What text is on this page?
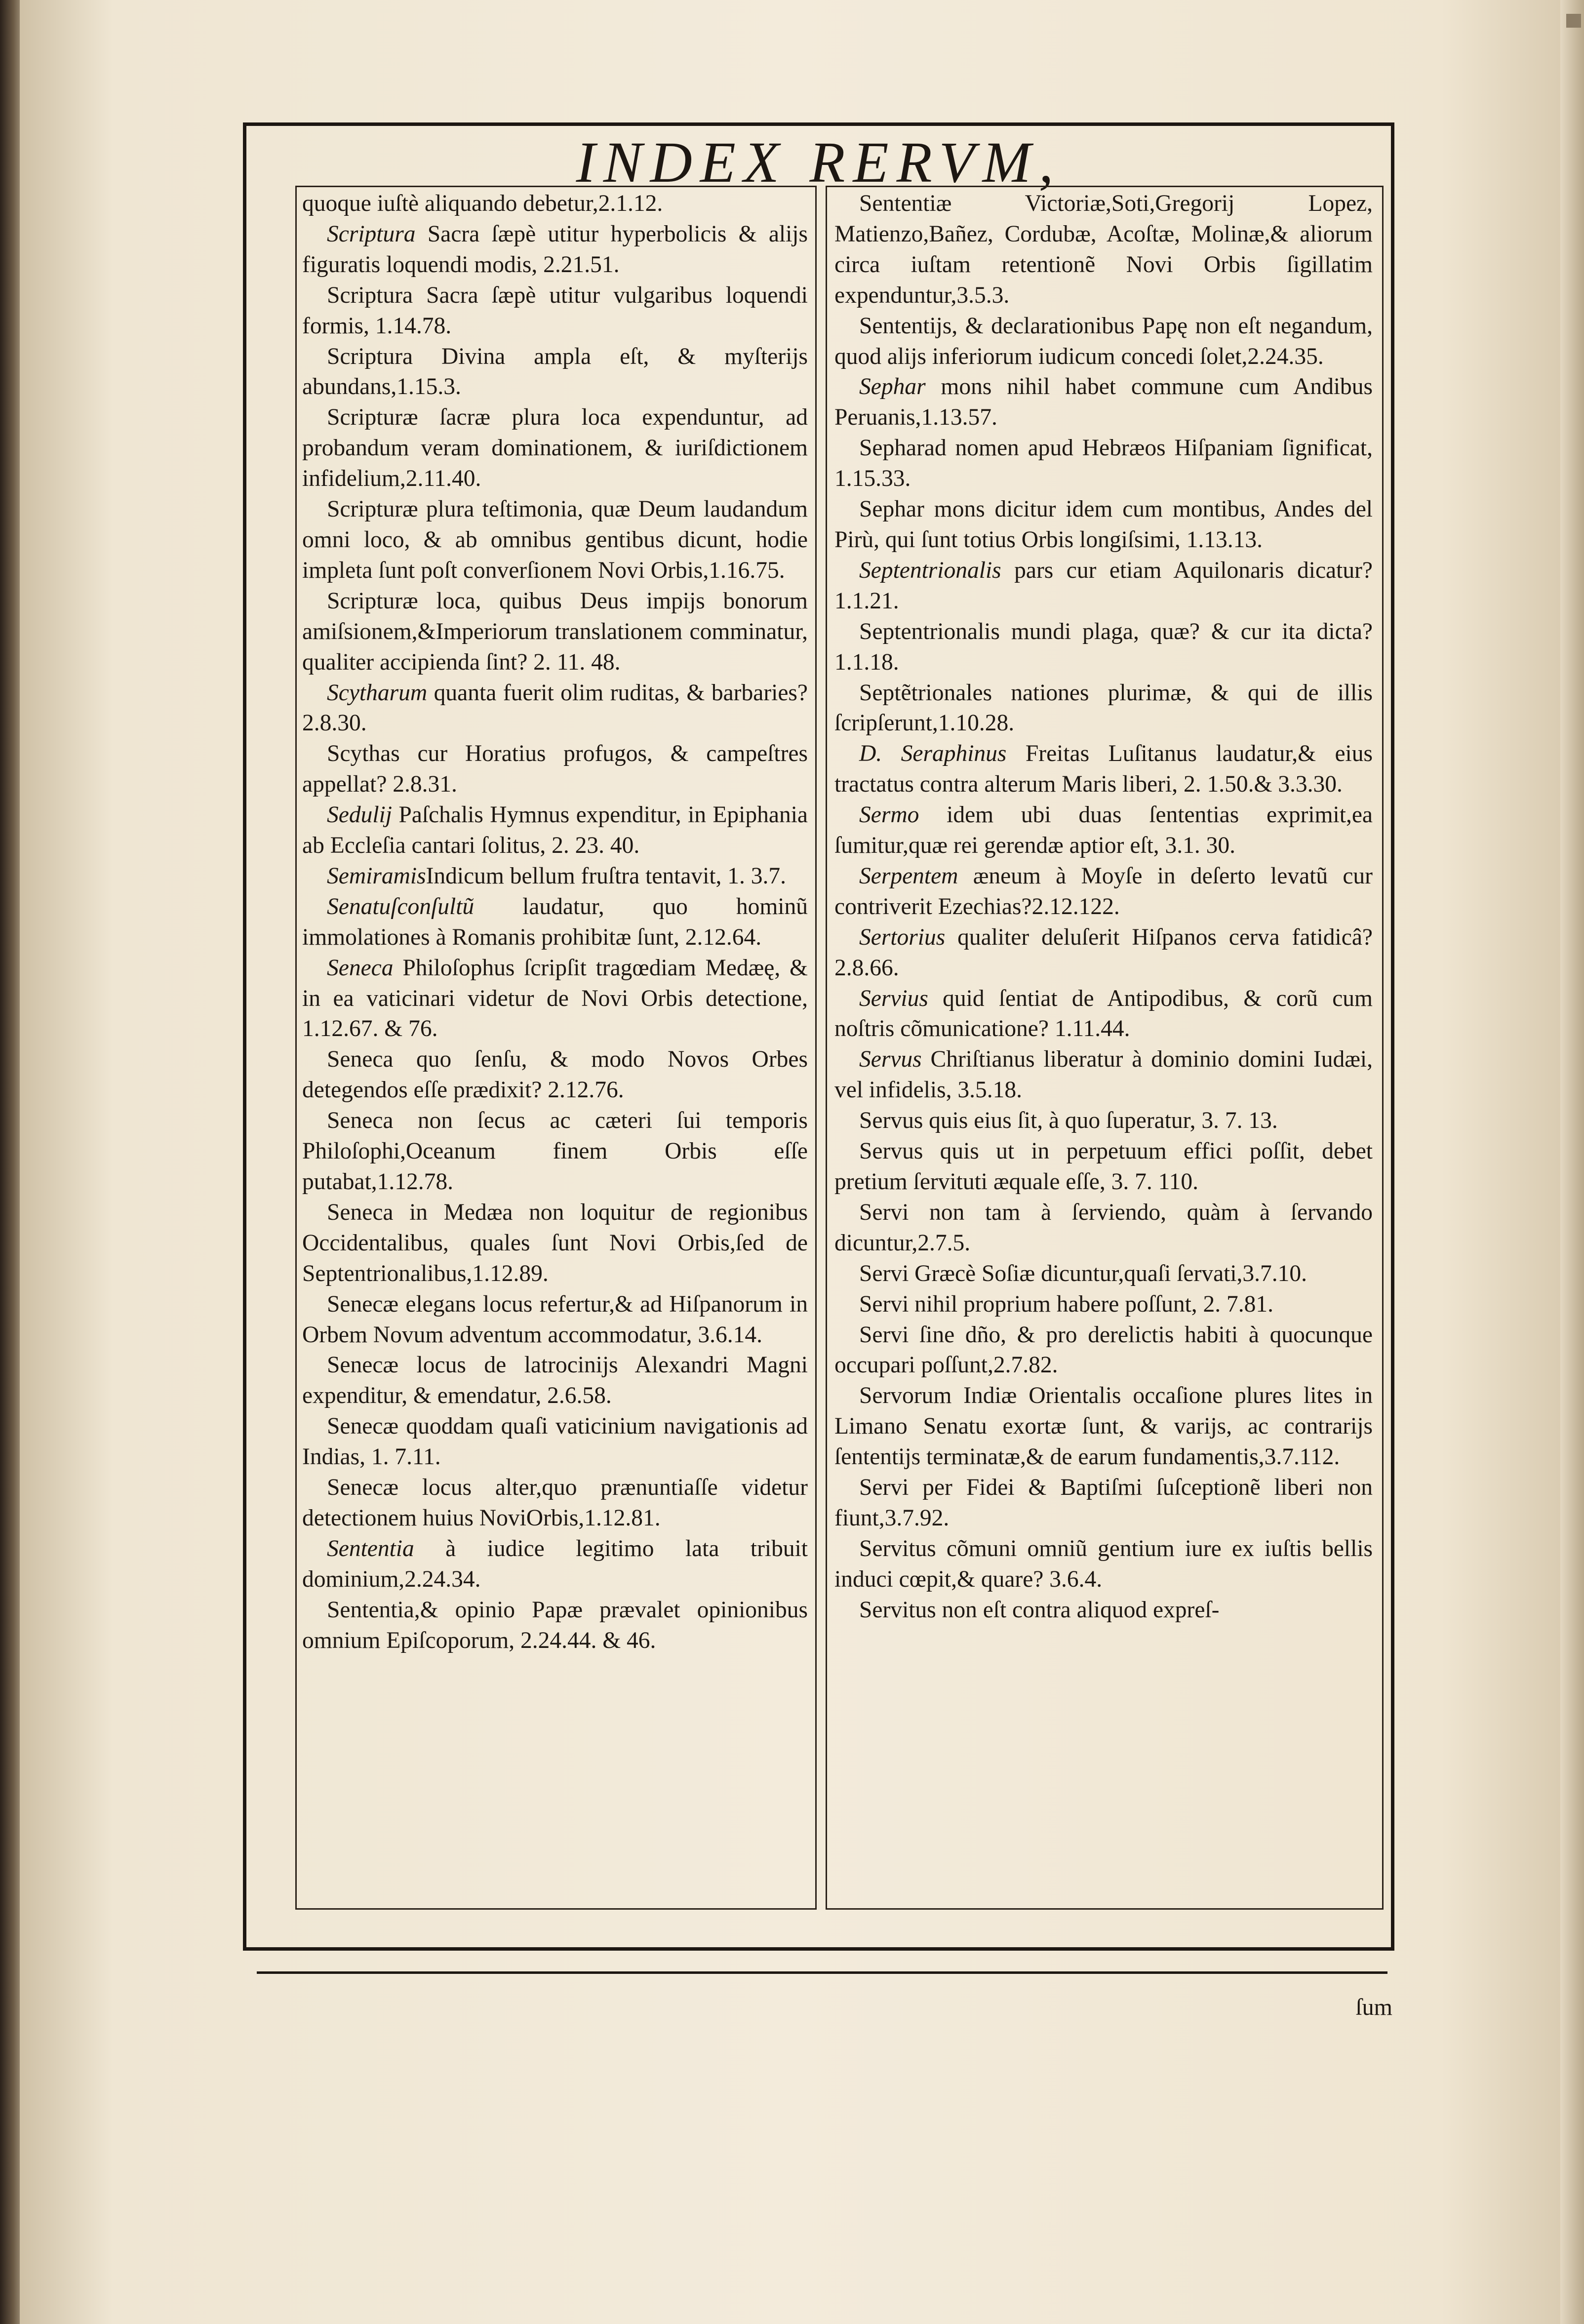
INDEX RERVM,

quoque iuſtè aliquando debetur,2.1.12.

Scriptura Sacra ſæpè utitur hyperbolicis & alijs figuratis loquendi modis, 2.21.51.

Scriptura Sacra ſæpè utitur vulgaribus loquendi formis, 1.14.78.

Scriptura Divina ampla eſt, & myſterijs abundans,1.15.3.

Scripturæ ſacræ plura loca expenduntur, ad probandum veram dominationem, & iuriſdictionem infidelium,2.11.40.

Scripturæ plura teſtimonia, quæ Deum laudandum omni loco, & ab omnibus gentibus dicunt, hodie impleta ſunt poſt converſionem Novi Orbis,1.16.75.

Scripturæ loca, quibus Deus impijs bonorum amiſsionem,&Imperiorum translationem comminatur, qualiter accipienda ſint? 2. 11. 48.

Scytharum quanta fuerit olim ruditas, & barbaries?2.8.30.

Scythas cur Horatius profugos, & campeſtres appellat? 2.8.31.

Sedulij Paſchalis Hymnus expenditur, in Epiphania ab Eccleſia cantari ſolitus, 2. 23. 40.

SemiramisIndicum bellum fruſtra tentavit, 1. 3.7.

Senatuſconſultũ laudatur, quo hominũ immolationes à Romanis prohibitæ ſunt, 2.12.64.

Seneca Philoſophus ſcripſit tragœdiam Medæę, & in ea vaticinari videtur de Novi Orbis detectione, 1.12.67. & 76.

Seneca quo ſenſu, & modo Novos Orbes detegendos eſſe prædixit? 2.12.76.

Seneca non ſecus ac cæteri ſui temporis Philoſophi,Oceanum finem Orbis eſſe putabat,1.12.78.

Seneca in Medæa non loquitur de regionibus Occidentalibus, quales ſunt Novi Orbis,ſed de Septentrionalibus,1.12.89.

Senecæ elegans locus refertur,& ad Hiſpanorum in Orbem Novum adventum accommodatur, 3.6.14.

Senecæ locus de latrocinijs Alexandri Magni expenditur, & emendatur, 2.6.58.

Senecæ quoddam quaſi vaticinium navigationis ad Indias, 1. 7.11.

Senecæ locus alter,quo prænuntiaſſe videtur detectionem huius NoviOrbis,1.12.81.

Sententia à iudice legitimo lata tribuit dominium,2.24.34.

Sententia,& opinio Papæ prævalet opinionibus omnium Epiſcoporum, 2.24.44. & 46.

Sententiæ Victoriæ,Soti,Gregorij Lopez, Matienzo,Bañez, Cordubæ, Acoſtæ, Molinæ,& aliorum circa iuſtam retentionẽ Novi Orbis ſigillatim expenduntur,3.5.3.

Sententijs, & declarationibus Papę non eſt negandum, quod alijs inferiorum iudicum concedi ſolet,2.24.35.

Sephar mons nihil habet commune cum Andibus Peruanis,1.13.57.

Sepharad nomen apud Hebræos Hiſpaniam ſignificat, 1.15.33.

Sephar mons dicitur idem cum montibus, Andes del Pirù, qui ſunt totius Orbis longiſsimi, 1.13.13.

Septentrionalis pars cur etiam Aquilonaris dicatur? 1.1.21.

Septentrionalis mundi plaga, quæ? & cur ita dicta? 1.1.18.

Septẽtrionales nationes plurimæ, & qui de illis ſcripſerunt,1.10.28.

D. Seraphinus Freitas Luſitanus laudatur,& eius tractatus contra alterum Maris liberi, 2. 1.50.& 3.3.30.

Sermo idem ubi duas ſententias exprimit,ea ſumitur,quæ rei gerendæ aptior eſt, 3.1. 30.

Serpentem æneum à Moyſe in deſerto levatũ cur contriverit Ezechias?2.12.122.

Sertorius qualiter deluſerit Hiſpanos cerva fatidicâ? 2.8.66.

Servius quid ſentiat de Antipodibus, & corũ cum noſtris cõmunicatione? 1.11.44.

Servus Chriſtianus liberatur à dominio domini Iudæi, vel infidelis, 3.5.18.

Servus quis eius ſit, à quo ſuperatur, 3. 7. 13.

Servus quis ut in perpetuum effici poſſit, debet pretium ſervituti æquale eſſe, 3. 7. 110.

Servi non tam à ſerviendo, quàm à ſervando dicuntur,2.7.5.

Servi Græcè Soſiæ dicuntur,quaſi ſervati,3.7.10.

Servi nihil proprium habere poſſunt, 2. 7.81.

Servi ſine dño, & pro derelictis habiti à quocunque occupari poſſunt,2.7.82.

Servorum Indiæ Orientalis occaſione plures lites in Limano Senatu exortæ ſunt, & varijs, ac contrarijs ſententijs terminatæ,& de earum fundamentis,3.7.112.

Servi per Fidei & Baptiſmi ſuſceptionẽ liberi non fiunt,3.7.92.

Servitus cõmuni omniũ gentium iure ex iuſtis bellis induci cœpit,& quare? 3.6.4.

Servitus non eſt contra aliquod expreſ-

ſum
